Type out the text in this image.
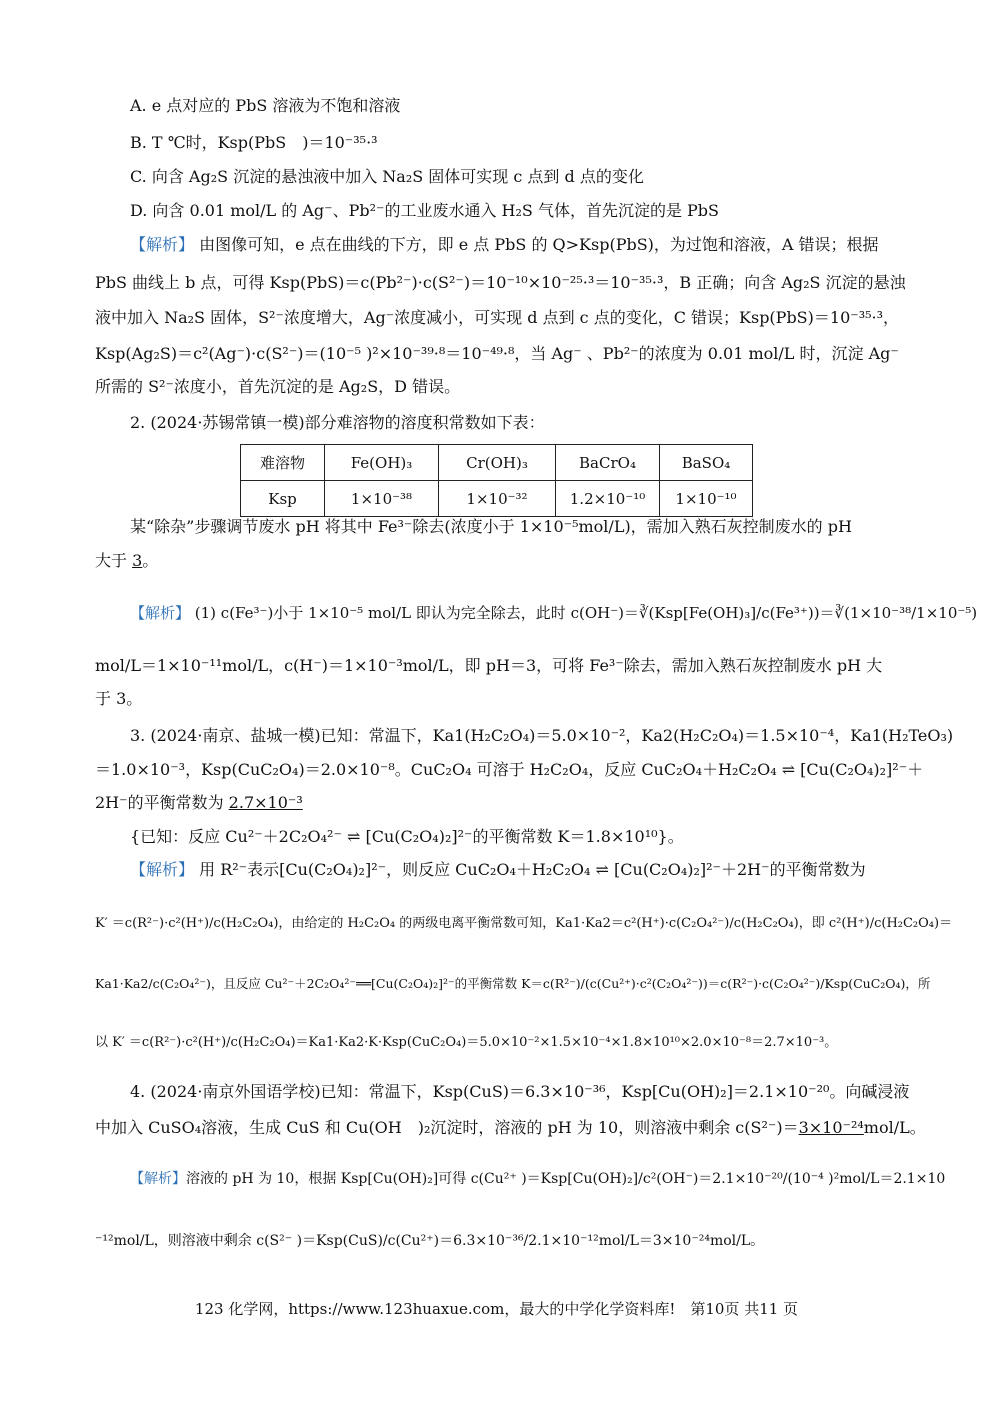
A. e 点对应的 PbS 溶液为不饱和溶液
B. T ℃时，Ksp(PbS　)＝10⁻³⁵·³
C. 向含 Ag₂S 沉淀的悬浊液中加入 Na₂S 固体可实现 c 点到 d 点的变化
D. 向含 0.01 mol/L 的 Ag⁻、Pb²⁻的工业废水通入 H₂S 气体，首先沉淀的是 PbS
【解析】 由图像可知，e 点在曲线的下方，即 e 点 PbS 的 Q>Ksp(PbS)，为过饱和溶液，A 错误；根据
PbS 曲线上 b 点，可得 Ksp(PbS)＝c(Pb²⁻)·c(S²⁻)＝10⁻¹⁰×10⁻²⁵·³＝10⁻³⁵·³，B 正确；向含 Ag₂S 沉淀的悬浊
液中加入 Na₂S 固体，S²⁻浓度增大，Ag⁻浓度减小，可实现 d 点到 c 点的变化，C 错误；Ksp(PbS)＝10⁻³⁵·³，
Ksp(Ag₂S)＝c²(Ag⁻)·c(S²⁻)＝(10⁻⁵ )²×10⁻³⁹·⁸＝10⁻⁴⁹·⁸，当 Ag⁻ 、Pb²⁻的浓度为 0.01 mol/L 时，沉淀 Ag⁻
所需的 S²⁻浓度小，首先沉淀的是 Ag₂S，D 错误。
2. (2024·苏锡常镇一模)部分难溶物的溶度积常数如下表：
难溶物	Fe(OH)₃	Cr(OH)₃	BaCrO₄	BaSO₄
Ksp	1×10⁻³⁸	1×10⁻³²	1.2×10⁻¹⁰	1×10⁻¹⁰
某“除杂”步骤调节废水 pH 将其中 Fe³⁻除去(浓度小于 1×10⁻⁵mol/L)，需加入熟石灰控制废水的 pH
大于 3。
【解析】 (1) c(Fe³⁻)小于 1×10⁻⁵ mol/L 即认为完全除去，此时 c(OH⁻)＝∛(Ksp[Fe(OH)₃]/c(Fe³⁺))＝∛(1×10⁻³⁸/1×10⁻⁵)
mol/L＝1×10⁻¹¹mol/L，c(H⁻)＝1×10⁻³mol/L，即 pH＝3，可将 Fe³⁻除去，需加入熟石灰控制废水 pH 大
于 3。
3. (2024·南京、盐城一模)已知：常温下，Ka1(H₂C₂O₄)＝5.0×10⁻²，Ka2(H₂C₂O₄)＝1.5×10⁻⁴，Ka1(H₂TeO₃)
＝1.0×10⁻³，Ksp(CuC₂O₄)＝2.0×10⁻⁸。CuC₂O₄ 可溶于 H₂C₂O₄，反应 CuC₂O₄＋H₂C₂O₄ ⇌ [Cu(C₂O₄)₂]²⁻＋
2H⁻的平衡常数为 2.7×10⁻³
{已知：反应 Cu²⁻＋2C₂O₄²⁻ ⇌ [Cu(C₂O₄)₂]²⁻的平衡常数 K＝1.8×10¹⁰}。
【解析】 用 R²⁻表示[Cu(C₂O₄)₂]²⁻，则反应 CuC₂O₄＋H₂C₂O₄ ⇌ [Cu(C₂O₄)₂]²⁻＋2H⁻的平衡常数为
K′ ＝c(R²⁻)·c²(H⁺)/c(H₂C₂O₄)，由给定的 H₂C₂O₄ 的两级电离平衡常数可知，Ka1·Ka2＝c²(H⁺)·c(C₂O₄²⁻)/c(H₂C₂O₄)，即 c²(H⁺)/c(H₂C₂O₄)＝
Ka1·Ka2/c(C₂O₄²⁻)，且反应 Cu²⁻＋2C₂O₄²⁻══[Cu(C₂O₄)₂]²⁻的平衡常数 K＝c(R²⁻)/(c(Cu²⁺)·c²(C₂O₄²⁻))＝c(R²⁻)·c(C₂O₄²⁻)/Ksp(CuC₂O₄)，所
以 K′ ＝c(R²⁻)·c²(H⁺)/c(H₂C₂O₄)＝Ka1·Ka2·K·Ksp(CuC₂O₄)＝5.0×10⁻²×1.5×10⁻⁴×1.8×10¹⁰×2.0×10⁻⁸＝2.7×10⁻³。
4. (2024·南京外国语学校)已知：常温下，Ksp(CuS)＝6.3×10⁻³⁶，Ksp[Cu(OH)₂]＝2.1×10⁻²⁰。向碱浸液
中加入 CuSO₄溶液，生成 CuS 和 Cu(OH　)₂沉淀时，溶液的 pH 为 10，则溶液中剩余 c(S²⁻)＝3×10⁻²⁴mol/L。
【解析】溶液的 pH 为 10，根据 Ksp[Cu(OH)₂]可得 c(Cu²⁺ )＝Ksp[Cu(OH)₂]/c²(OH⁻)＝2.1×10⁻²⁰/(10⁻⁴ )²mol/L＝2.1×10
⁻¹²mol/L，则溶液中剩余 c(S²⁻ )＝Ksp(CuS)/c(Cu²⁺)＝6.3×10⁻³⁶/2.1×10⁻¹²mol/L＝3×10⁻²⁴mol/L。
123 化学网，https://www.123huaxue.com，最大的中学化学资料库!　第10页 共11 页
